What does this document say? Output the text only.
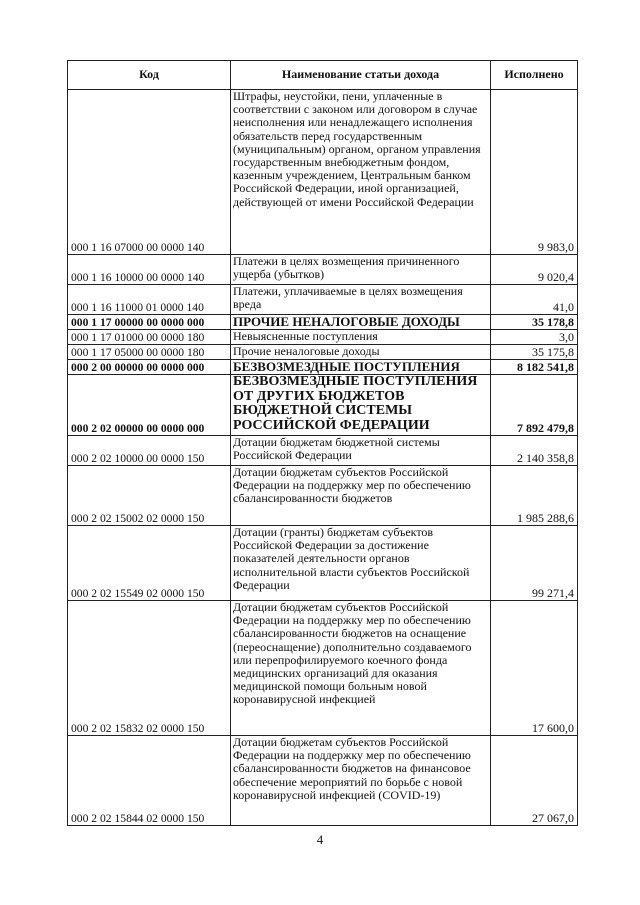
Код	Наименование статьи дохода	Исполнено
000 1 16 07000 00 0000 140	Штрафы, неустойки, пени, уплаченные в соответствии с законом или договором в случае неисполнения или ненадлежащего исполнения обязательств перед государственным (муниципальным) органом, органом управления государственным внебюджетным фондом, казенным учреждением, Центральным банком Российской Федерации, иной организацией, действующей от имени Российской Федерации	9 983,0
000 1 16 10000 00 0000 140	Платежи в целях возмещения причиненного ущерба (убытков)	9 020,4
000 1 16 11000 01 0000 140	Платежи, уплачиваемые в целях возмещения вреда	41,0
000 1 17 00000 00 0000 000	ПРОЧИЕ НЕНАЛОГОВЫЕ ДОХОДЫ	35 178,8
000 1 17 01000 00 0000 180	Невыясненные поступления	3,0
000 1 17 05000 00 0000 180	Прочие неналоговые доходы	35 175,8
000 2 00 00000 00 0000 000	БЕЗВОЗМЕЗДНЫЕ ПОСТУПЛЕНИЯ	8 182 541,8
000 2 02 00000 00 0000 000	БЕЗВОЗМЕЗДНЫЕ ПОСТУПЛЕНИЯ ОТ ДРУГИХ БЮДЖЕТОВ БЮДЖЕТНОЙ СИСТЕМЫ РОССИЙСКОЙ ФЕДЕРАЦИИ	7 892 479,8
000 2 02 10000 00 0000 150	Дотации бюджетам бюджетной системы Российской Федерации	2 140 358,8
000 2 02 15002 02 0000 150	Дотации бюджетам субъектов Российской Федерации на поддержку мер по обеспечению сбалансированности бюджетов	1 985 288,6
000 2 02 15549 02 0000 150	Дотации (гранты) бюджетам субъектов Российской Федерации за достижение показателей деятельности органов исполнительной власти субъектов Российской Федерации	99 271,4
000 2 02 15832 02 0000 150	Дотации бюджетам субъектов Российской Федерации на поддержку мер по обеспечению сбалансированности бюджетов на оснащение (переоснащение) дополнительно создаваемого или перепрофилируемого коечного фонда медицинских организаций для оказания медицинской помощи больным новой коронавирусной инфекцией	17 600,0
000 2 02 15844 02 0000 150	Дотации бюджетам субъектов Российской Федерации на поддержку мер по обеспечению сбалансированности бюджетов на финансовое обеспечение мероприятий по борьбе с новой коронавирусной инфекцией (COVID-19)	27 067,0
4
